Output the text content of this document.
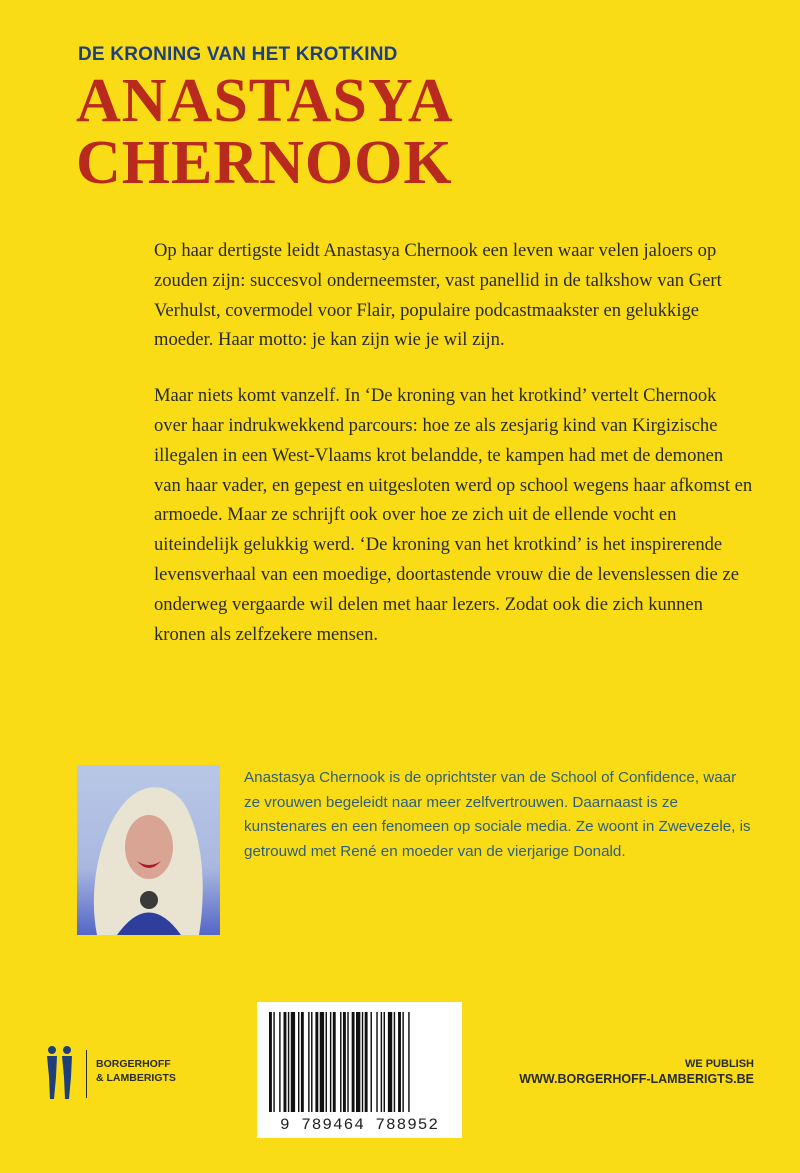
DE KRONING VAN HET KROTKIND
ANASTASYA
CHERNOOK

Op haar dertigste leidt Anastasya Chernook een leven waar velen jaloers op zouden zijn: succesvol onderneemster, vast panellid in de talkshow van Gert Verhulst, covermodel voor Flair, populaire podcastmaakster en gelukkige moeder. Haar motto: je kan zijn wie je wil zijn.

Maar niets komt vanzelf. In ‘De kroning van het krotkind’ vertelt Chernook over haar indrukwekkend parcours: hoe ze als zesjarig kind van Kirgizische illegalen in een West-Vlaams krot belandde, te kampen had met de demonen van haar vader, en gepest en uitgesloten werd op school wegens haar afkomst en armoede. Maar ze schrijft ook over hoe ze zich uit de ellende vocht en uiteindelijk gelukkig werd. ‘De kroning van het krotkind’ is het inspirerende levensverhaal van een moedige, doortastende vrouw die de levenslessen die ze onderweg vergaarde wil delen met haar lezers. Zodat ook die zich kunnen kronen als zelfzekere mensen.

Anastasya Chernook is de oprichtster van de School of Confidence, waar ze vrouwen begeleidt naar meer zelfvertrouwen. Daarnaast is ze kunstenares en een fenomeen op sociale media. Ze woont in Zwevezele, is getrouwd met René en moeder van de vierjarige Donald.
9 789464 788952
BORGERHOFF
& LAMBERIGTS
WE PUBLISH
WWW.BORGERHOFF-LAMBERIGTS.BE
